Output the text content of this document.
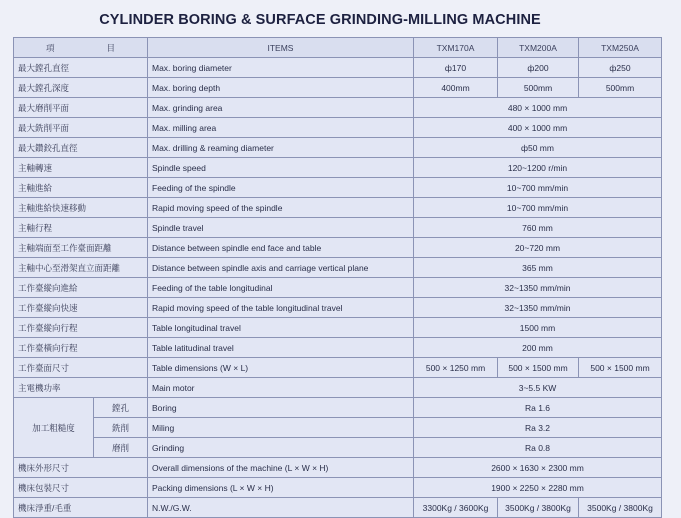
CYLINDER BORING & SURFACE GRINDING-MILLING MACHINE
項 目		ITEMS	TXM170A	TXM200A	TXM250A
最大鏜孔直徑		Max. boring diameter	ф170	ф200	ф250
最大鏜孔深度		Max. boring depth	400mm	500mm	500mm
最大磨削平面		Max. grinding area	480 × 1000 mm		
最大銑削平面		Max. milling area	400 × 1000 mm		
最大鑽鉸孔直徑		Max. drilling & reaming diameter	ф50 mm		
主軸轉速		Spindle speed	120~1200 r/min		
主軸進給		Feeding of the spindle	10~700 mm/min		
主軸進給快速移動		Rapid moving speed of the spindle	10~700 mm/min		
主軸行程		Spindle travel	760 mm		
主軸端面至工作臺面距離		Distance between spindle end face and table	20~720 mm		
主軸中心至滑架直立面距離		Distance between spindle axis and carriage vertical plane	365 mm		
工作臺縱向進給		Feeding of the table longitudinal	32~1350 mm/min		
工作臺縱向快速		Rapid moving speed of the table longitudinal travel	32~1350 mm/min		
工作臺縱向行程		Table longitudinal travel	1500 mm		
工作臺橫向行程		Table latitudinal travel	200 mm		
工作臺面尺寸		Table dimensions (W × L)	500 × 1250 mm	500 × 1500 mm	500 × 1500 mm
主電機功率		Main motor	3~5.5 KW		
加工粗糙度	鏜孔	Boring	Ra 1.6		
	銑削	Miling	Ra 3.2		
	磨削	Grinding	Ra 0.8		
機床外形尺寸		Overall dimensions of the machine (L × W × H)	2600 × 1630 × 2300 mm		
機床包裝尺寸		Packing dimensions (L × W × H)	1900 × 2250 × 2280 mm		
機床淨重/毛重		N.W./G.W.	3300Kg / 3600Kg	3500Kg / 3800Kg	3500Kg / 3800Kg
